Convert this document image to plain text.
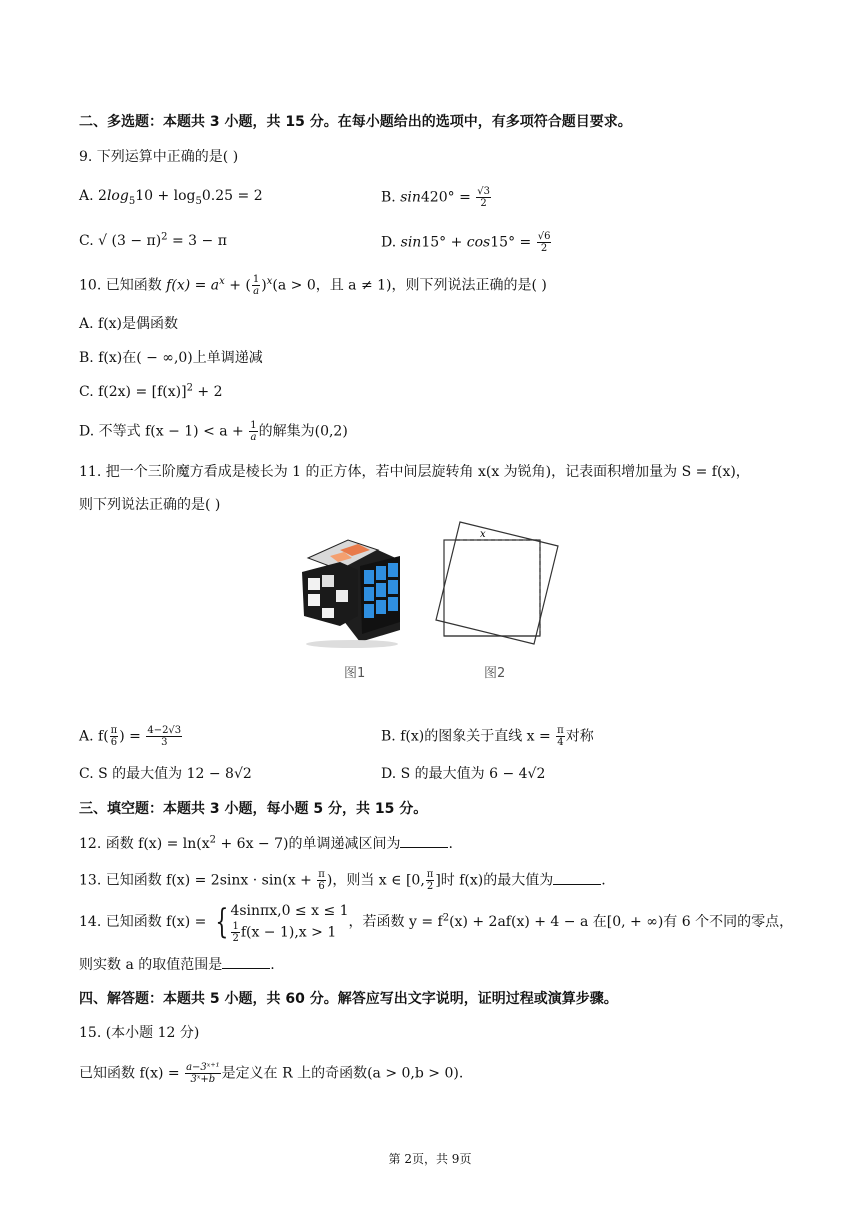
二、多选题：本题共 3 小题，共 15 分。在每小题给出的选项中，有多项符合题目要求。
9. 下列运算中正确的是( )
A. $2\log_510 + \log_50.25 = 2$	B. $\sin 420^\circ = \frac{√3}{2}$
C. √ $(3 - \pi)^2 = 3 - \pi$	D. $\sin 15^\circ + \cos 15^\circ = \frac{√6}{2}$
10. 已知函数 $f(x) = a^x$ + ( $\frac{1}{a} )^x(a > 0$，且 a ≠ 1)，则下列说法正确的是( )
A. f(x)是偶函数
B. f(x)在( − ∞,0)上单调递减
C. $f(2x) = [f(x)]^2 + 2$
D. 不等式 $f(x - 1) < a + \frac{1}{a}$ 的解集为(0,2)
11. 把一个三阶魔方看成是棱长为 1 的正方体，若中间层旋转角 x(x 为锐角)，记表面积增加量为 S = f(x)，
则下列说法正确的是( )
x
图1	图2
A. $f( \frac{\pi}{6}$ ) = $\frac{4-2√3}{3}$	B. f(x)的图象关于直线 $x = \frac{\pi}{4}$ 对称
C. S 的最大值为 12 − 8√2	D. S 的最大值为 6 − 4√2
三、填空题：本题共 3 小题，每小题 5 分，共 15 分。
12. 函数 $f(x) = \ln(x^2 + 6x - 7)$的单调递减区间为	.
13. 已知函数 $f(x) = 2\sin x \cdot \sin(x + \frac{\pi}{6}$ )，则当 x ∈ [0, $\frac{\pi}{2}$ ]时 f(x)的最大值为	.
14. 已知函数 f(x) = { 4sinπx,0 ≤ x ≤ 1
$\frac{1}{2} f(x - 1),x > 1$
，若函数 $y = f^2(x) + 2af(x) + 4 - a$ 在[0, + ∞)有 6 个不同的零点，
则实数 a 的取值范围是	.
四、解答题：本题共 5 小题，共 60 分。解答应写出文字说明，证明过程或演算步骤。
15. (本小题 12 分)
已知函数 $f(x) = \frac{\text{a−3ˣ⁺¹}}{\text{3ˣ+b}}$ 是定义在 R 上的奇函数(a > 0,b > 0).
第 2页，共 9页
